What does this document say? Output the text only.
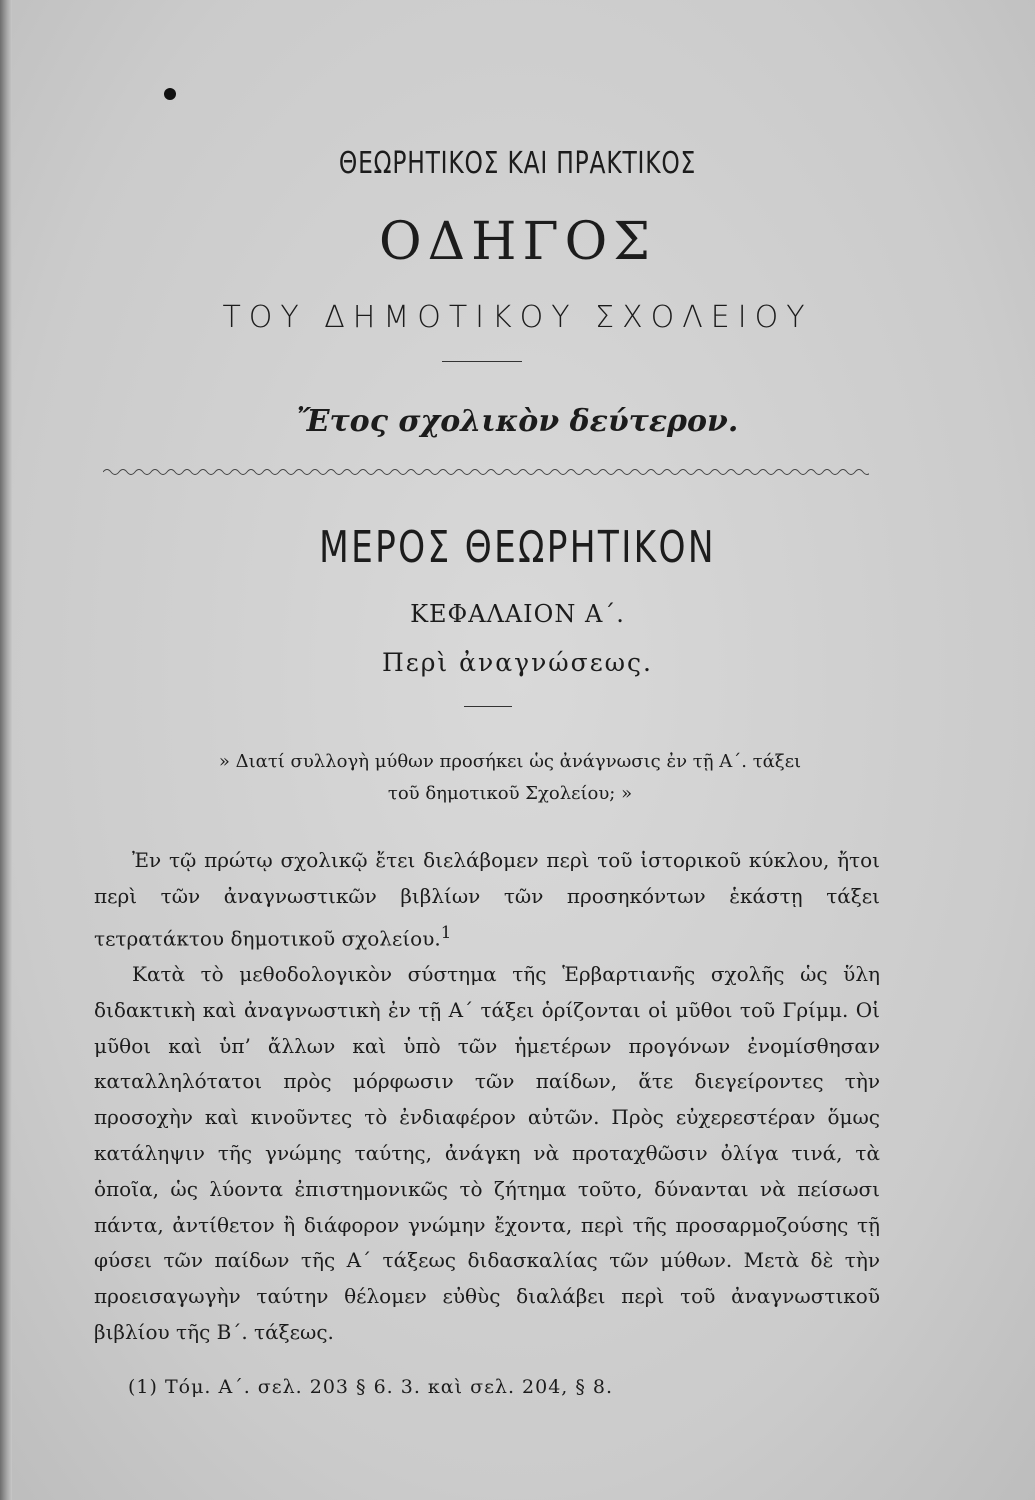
ΘΕΩΡΗΤΙΚΟΣ ΚΑΙ ΠΡΑΚΤΙΚΟΣ
ΟΔΗΓΟΣ
ΤΟΥ ΔΗΜΟΤΙΚΟΥ ΣΧΟΛΕΙΟΥ
Ἔτος σχολικὸν δεύτερον.
ΜΕΡΟΣ ΘΕΩΡΗΤΙΚΟΝ
ΚΕΦΑΛΑΙΟΝ Α΄.
Περὶ ἀναγνώσεως.
» Διατί συλλογὴ μύθων προσήκει ὡς ἀνάγνωσις ἐν τῇ Α΄. τάξει
τοῦ δημοτικοῦ Σχολείου; »

Ἐν τῷ πρώτῳ σχολικῷ ἔτει διελάβομεν περὶ τοῦ ἱστορικοῦ κύκλου, ἤτοι περὶ τῶν ἀναγνωστικῶν βιβλίων τῶν προσηκόντων ἑκάστῃ τάξει τετρατάκτου δημοτικοῦ σχολείου.$^1$

Κατὰ τὸ μεθοδολογικὸν σύστημα τῆς Ἑρβαρτιανῆς σχολῆς ὡς ὕλη διδακτικὴ καὶ ἀναγνωστικὴ ἐν τῇ Α΄ τάξει ὁρίζονται οἱ μῦθοι τοῦ Γρίμμ. Οἱ μῦθοι καὶ ὑπ’ ἄλλων καὶ ὑπὸ τῶν ἡμετέρων προγόνων ἐνομίσθησαν καταλληλότατοι πρὸς μόρφωσιν τῶν παίδων, ἅτε διεγείροντες τὴν προσοχὴν καὶ κινοῦντες τὸ ἐνδιαφέρον αὐτῶν. Πρὸς εὐχερεστέραν ὅμως κατάληψιν τῆς γνώμης ταύτης, ἀνάγκη νὰ προταχθῶσιν ὀλίγα τινά, τὰ ὁποῖα, ὡς λύοντα ἐπιστημονικῶς τὸ ζήτημα τοῦτο, δύνανται νὰ πείσωσι πάντα, ἀντίθετον ἢ διάφορον γνώμην ἔχοντα, περὶ τῆς προσαρμοζούσης τῇ φύσει τῶν παίδων τῆς Α΄ τάξεως διδασκαλίας τῶν μύθων. Μετὰ δὲ τὴν προεισαγωγὴν ταύτην θέλομεν εὐθὺς διαλάβει περὶ τοῦ ἀναγνωστικοῦ βιβλίου τῆς Β΄. τάξεως.

(1) Τόμ. Α΄. σελ. 203 § 6. 3. καὶ σελ. 204, § 8.
